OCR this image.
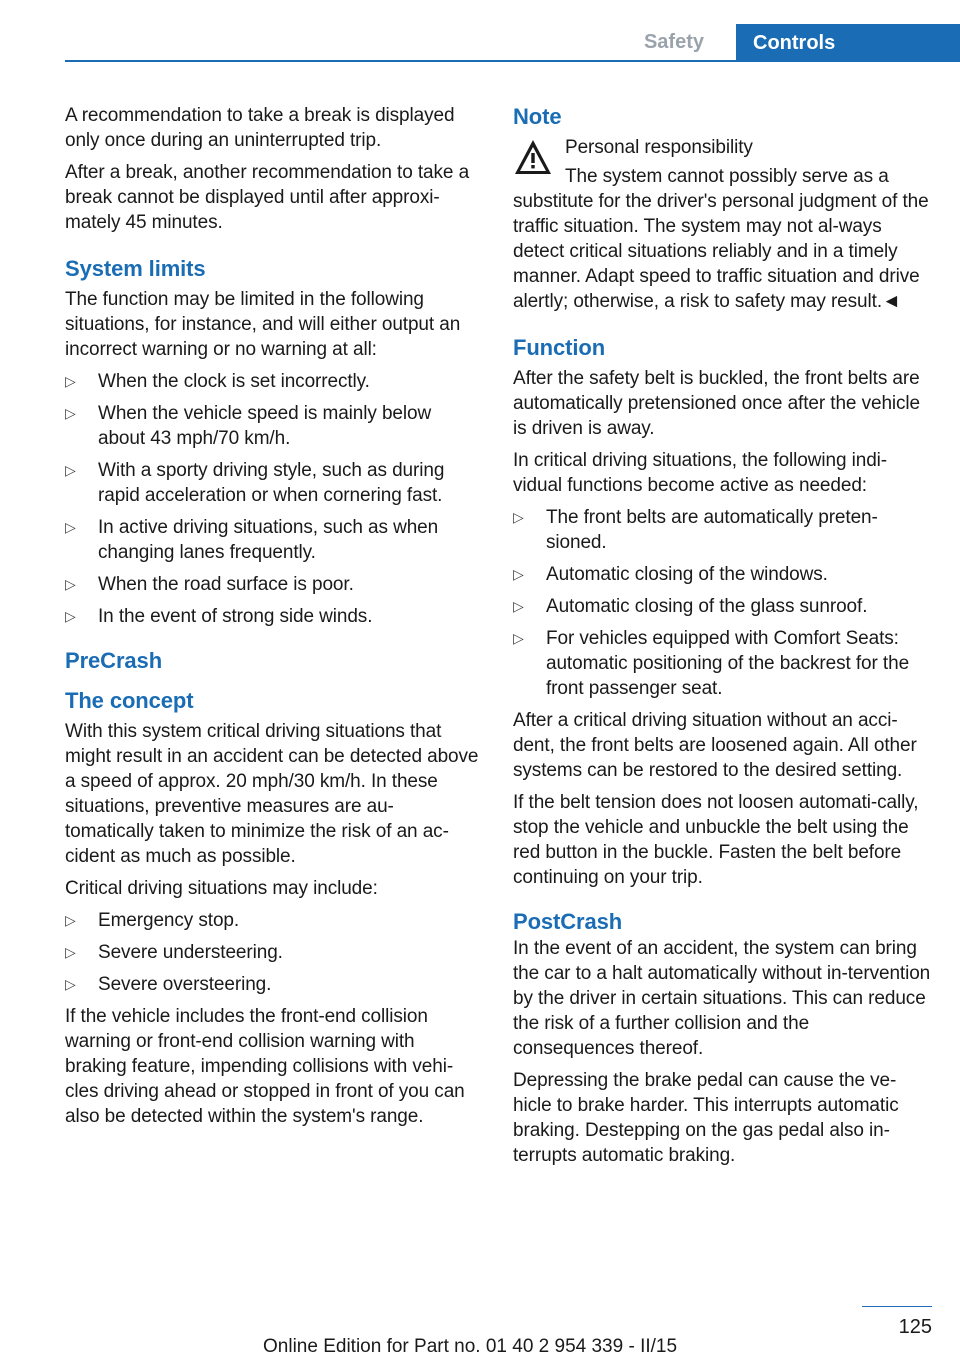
Safety	Controls

A recommendation to take a break is displayed only once during an uninterrupted trip.

After a break, another recommendation to take a break cannot be displayed until after approxi‐mately 45 minutes.

System limits

The function may be limited in the following situations, for instance, and will either output an incorrect warning or no warning at all:

▷ When the clock is set incorrectly.
▷ When the vehicle speed is mainly below about 43 mph/70 km/h.
▷ With a sporty driving style, such as during rapid acceleration or when cornering fast.
▷ In active driving situations, such as when changing lanes frequently.
▷ When the road surface is poor.
▷ In the event of strong side winds.
PreCrash
The concept

With this system critical driving situations that might result in an accident can be detected above a speed of approx. 20 mph/30 km/h. In these situations, preventive measures are au‐tomatically taken to minimize the risk of an ac‐cident as much as possible.

Critical driving situations may include:

▷ Emergency stop.
▷ Severe understeering.
▷ Severe oversteering.

If the vehicle includes the front-end collision warning or front-end collision warning with braking feature, impending collisions with vehi‐cles driving ahead or stopped in front of you can also be detected within the system's range.

Note

Personal responsibility

The system cannot possibly serve as a substitute for the driver's personal judgment of the traffic situation. The system may not al‐ways detect critical situations reliably and in a timely manner. Adapt speed to traffic situation and drive alertly; otherwise, a risk to safety may result.◄

Function

After the safety belt is buckled, the front belts are automatically pretensioned once after the vehicle is driven is away.

In critical driving situations, the following indi‐vidual functions become active as needed:

▷ The front belts are automatically preten‐sioned.
▷ Automatic closing of the windows.
▷ Automatic closing of the glass sunroof.
▷ For vehicles equipped with Comfort Seats: automatic positioning of the backrest for the front passenger seat.

After a critical driving situation without an acci‐dent, the front belts are loosened again. All other systems can be restored to the desired setting.

If the belt tension does not loosen automati‐cally, stop the vehicle and unbuckle the belt using the red button in the buckle. Fasten the belt before continuing on your trip.

PostCrash

In the event of an accident, the system can bring the car to a halt automatically without in‐tervention by the driver in certain situations. This can reduce the risk of a further collision and the consequences thereof.

Depressing the brake pedal can cause the ve‐hicle to brake harder. This interrupts automatic braking. Destepping on the gas pedal also in‐terrupts automatic braking.

125
Online Edition for Part no. 01 40 2 954 339 - II/15
